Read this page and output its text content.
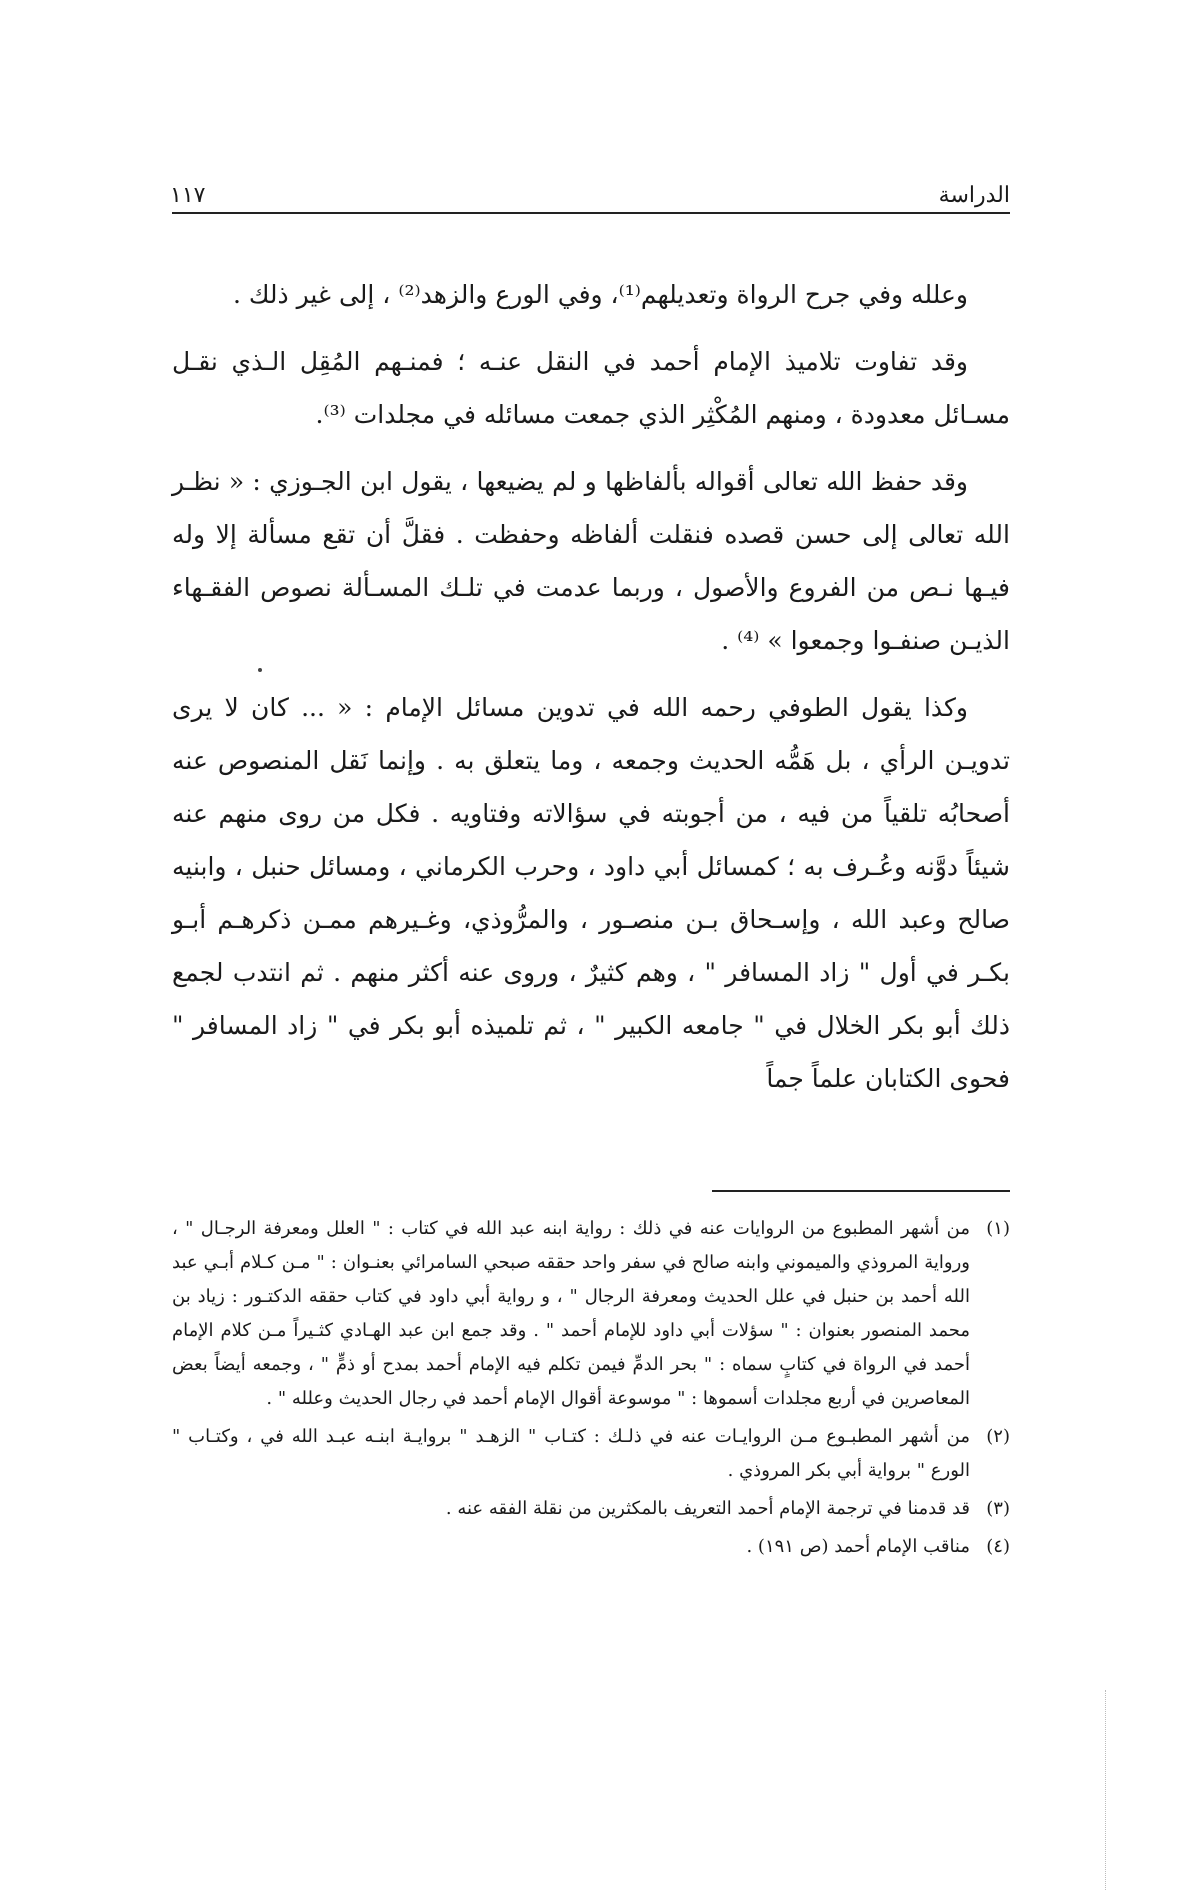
الدراسة
١١٧

وعلله وفي جرح الرواة وتعديلهم⁽¹⁾، وفي الورع والزهد⁽²⁾ ، إلى غير ذلك .

وقد تفاوت تلاميذ الإمام أحمد في النقل عنـه ؛ فمنـهم المُقِل الـذي نقـل مسـائل معدودة ، ومنهم المُكْثِر الذي جمعت مسائله في مجلدات ⁽³⁾.

وقد حفظ الله تعالى أقواله بألفاظها و لم يضيعها ، يقول ابن الجـوزي : « نظـر الله تعالى إلى حسن قصده فنقلت ألفاظه وحفظت . فقلَّ أن تقع مسألة إلا وله فيـها نـص من الفروع والأصول ، وربما عدمت في تلـك المسـألة نصوص الفقـهاء الذيـن صنفـوا وجمعوا » ⁽⁴⁾ .

وكذا يقول الطوفي رحمه الله في تدوين مسائل الإمام : « ... كان لا يرى تدويـن الرأي ، بل هَمُّه الحديث وجمعه ، وما يتعلق به . وإنما نَقل المنصوص عنه أصحابُه تلقياً من فيه ، من أجوبته في سؤالاته وفتاويه . فكل من روى منهم عنه شيئاً دوَّنه وعُـرف به ؛ كمسائل أبي داود ، وحرب الكرماني ، ومسائل حنبل ، وابنيه صالح وعبد الله ، وإسـحاق بـن منصـور ، والمرُّوذي، وغـيرهم ممـن ذكرهـم أبـو بكـر في أول " زاد المسافر " ، وهم كثيرٌ ، وروى عنه أكثر منهم . ثم انتدب لجمع ذلك أبو بكر الخلال في " جامعه الكبير " ، ثم تلميذه أبو بكر في " زاد المسافر " فحوى الكتابان علماً جماً

(١)
من أشهر المطبوع من الروايات عنه في ذلك : رواية ابنه عبد الله في كتاب : " العلل ومعرفة الرجـال " ، ورواية المروذي والميموني وابنه صالح في سفر واحد حققه صبحي السامرائي بعنـوان : " مـن كـلام أبـي عبد الله أحمد بن حنبل في علل الحديث ومعرفة الرجال " ، و رواية أبي داود في كتاب حققه الدكتـور : زياد بن محمد المنصور بعنوان : " سؤلات أبي داود للإمام أحمد " . وقد جمع ابن عبد الهـادي كثـيراً مـن كلام الإمام أحمد في الرواة في كتابٍ سماه : " بحر الدمِّ فيمن تكلم فيه الإمام أحمد بمدح أو ذمٍّ " ، وجمعه أيضاً بعض المعاصرين في أربع مجلدات أسموها : " موسوعة أقوال الإمام أحمد في رجال الحديث وعلله " .
(٢)
من أشهر المطبـوع مـن الروايـات عنه في ذلـك : كتـاب " الزهـد " بروايـة ابنـه عبـد الله في ، وكتـاب " الورع " برواية أبي بكر المروذي .
(٣)
قد قدمنا في ترجمة الإمام أحمد التعريف بالمكثرين من نقلة الفقه عنه .
(٤)
مناقب الإمام أحمد (ص ١٩١) .
